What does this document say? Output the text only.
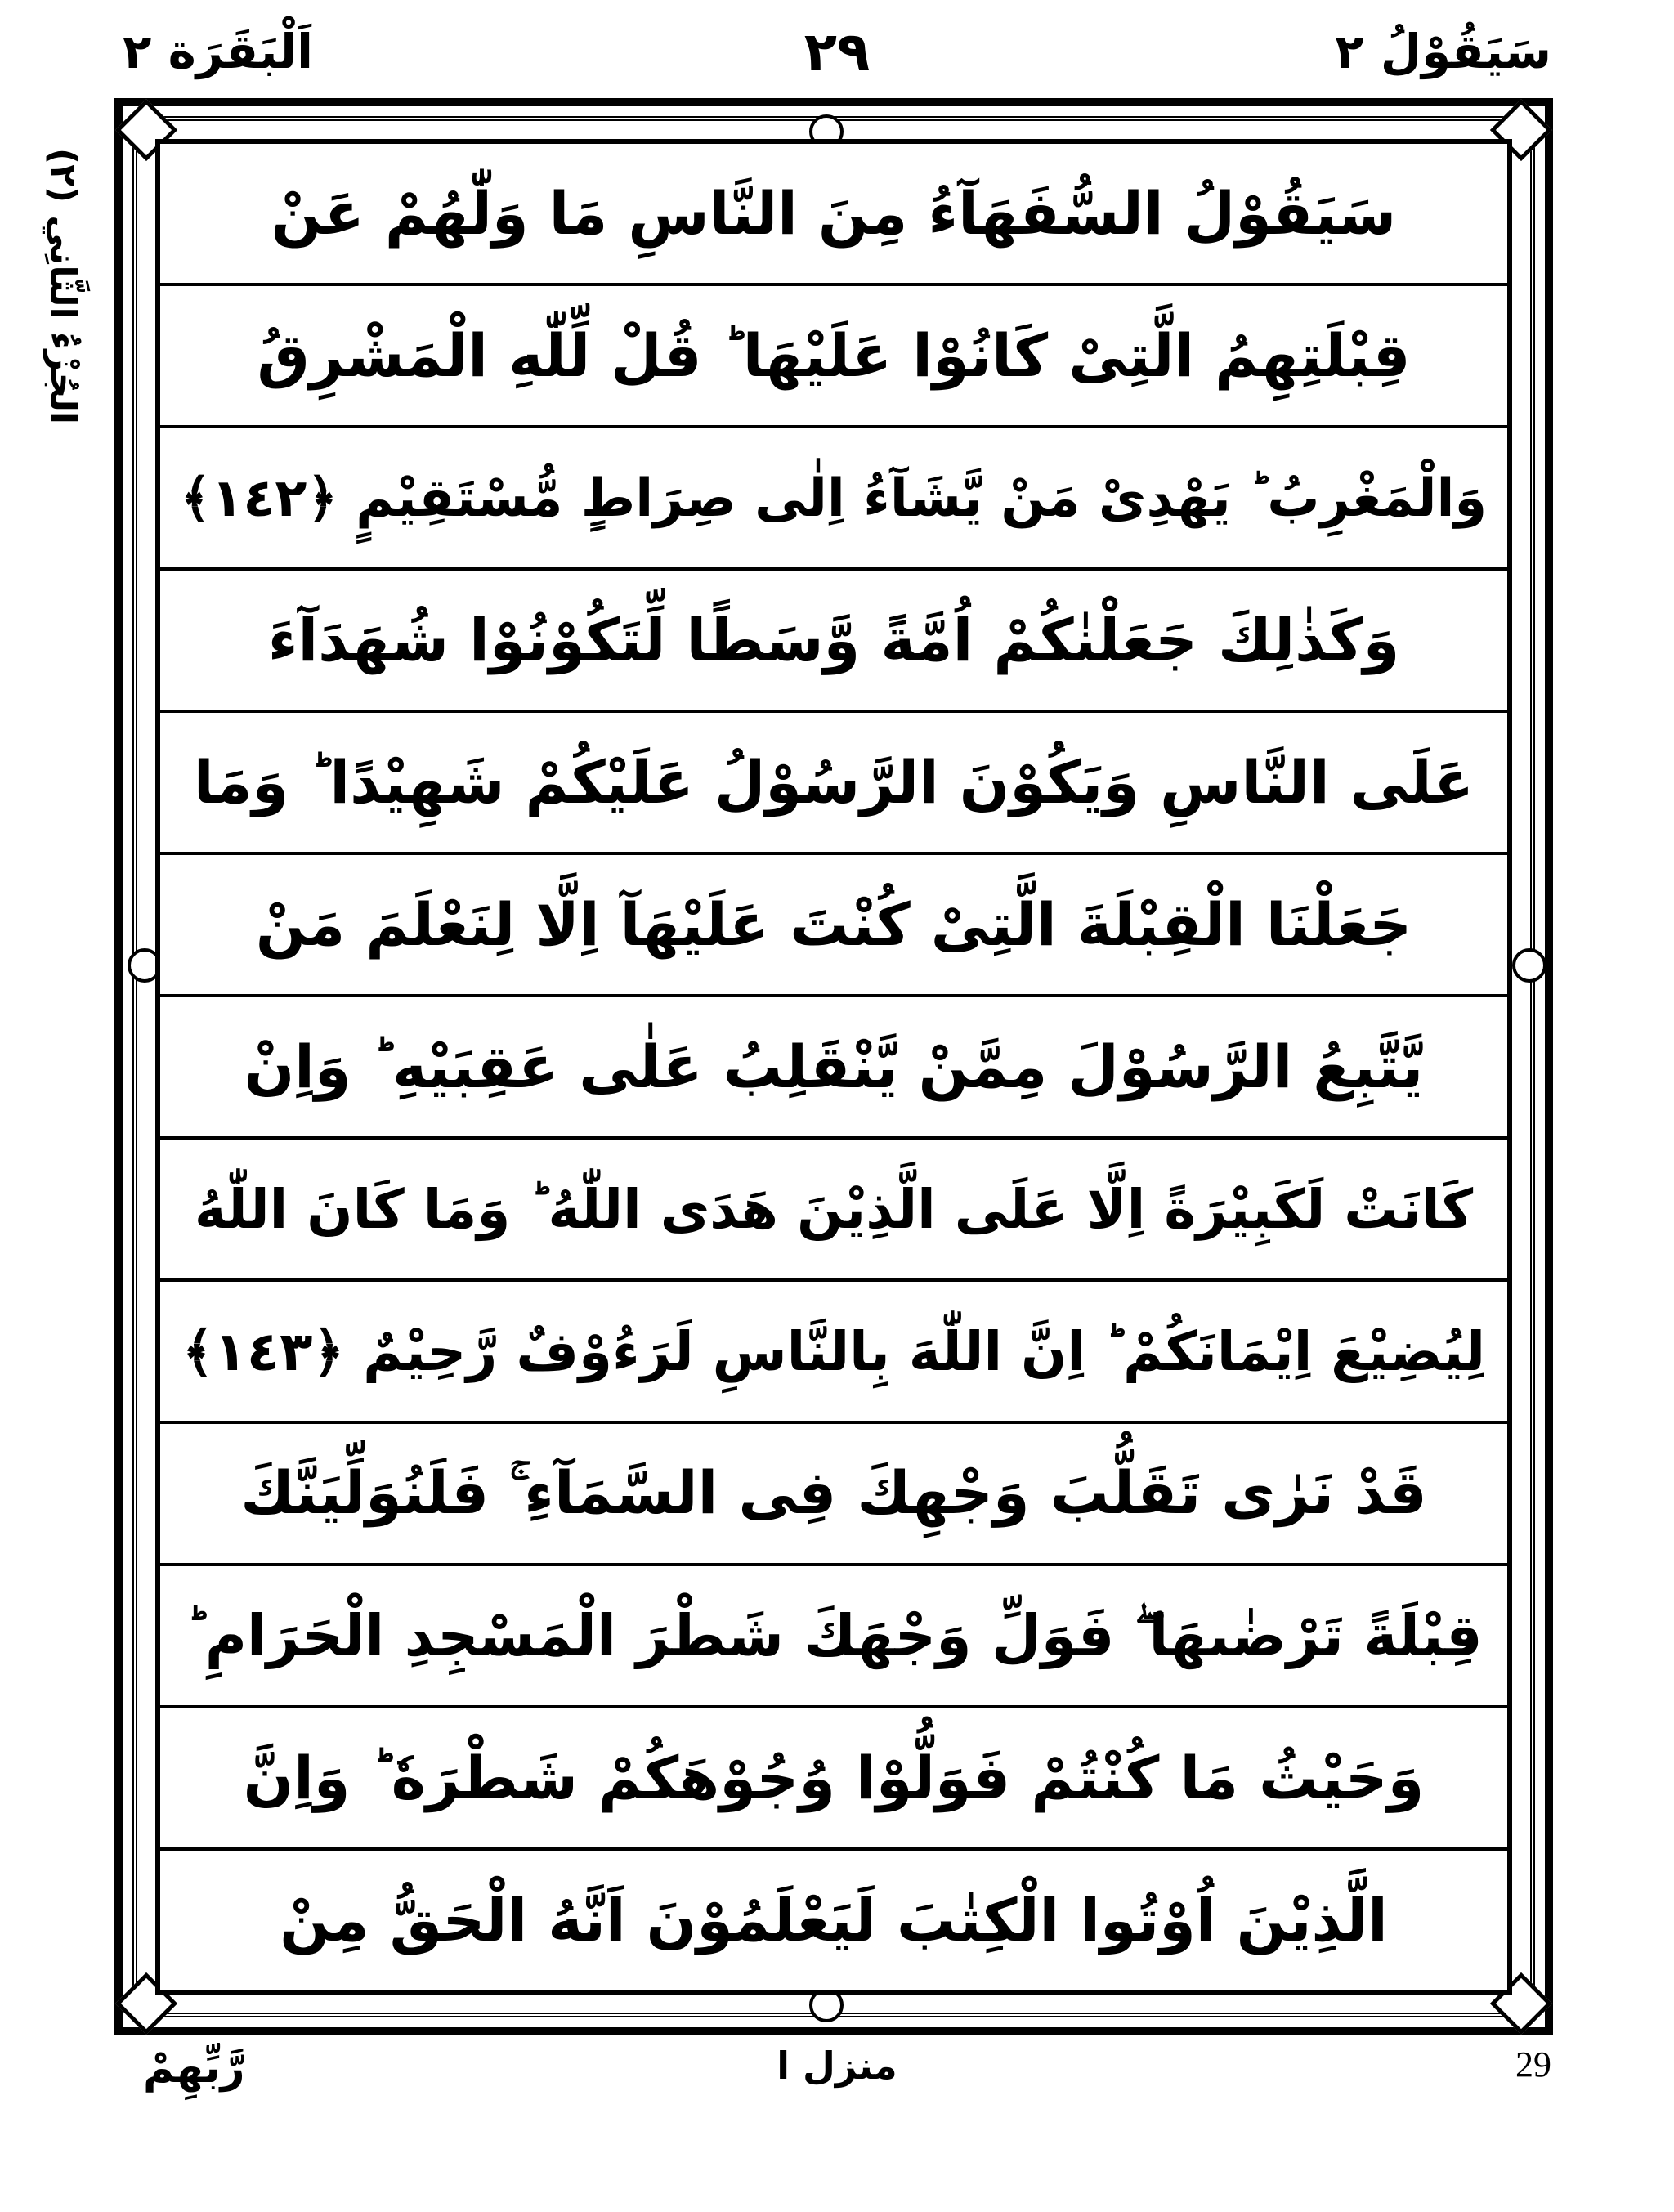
سَيَقُوْلُ ٢
٢٩
اَلْبَقَرَة ٢
الجُزْءُ الثَّانِي (٢)	سَيَقُوْلُ السُّفَهَآءُ مِنَ النَّاسِ مَا وَلّٰهُمْ عَنْ
قِبْلَتِهِمُ الَّتِىْ كَانُوْا عَلَيْهَا ؕ قُلْ لِّلّٰهِ الْمَشْرِقُ
وَالْمَغْرِبُ ؕ يَهْدِىْ مَنْ يَّشَآءُ اِلٰى صِرَاطٍ مُّسْتَقِيْمٍ ﴿١٤٢﴾
وَكَذٰلِكَ جَعَلْنٰكُمْ اُمَّةً وَّسَطًا لِّتَكُوْنُوْا شُهَدَآءَ
عَلَى النَّاسِ وَيَكُوْنَ الرَّسُوْلُ عَلَيْكُمْ شَهِيْدًا ؕ وَمَا
جَعَلْنَا الْقِبْلَةَ الَّتِىْ كُنْتَ عَلَيْهَآ اِلَّا لِنَعْلَمَ مَنْ
يَّتَّبِعُ الرَّسُوْلَ مِمَّنْ يَّنْقَلِبُ عَلٰى عَقِبَيْهِ ؕ وَاِنْ
كَانَتْ لَكَبِيْرَةً اِلَّا عَلَى الَّذِيْنَ هَدَى اللّٰهُ ؕ وَمَا كَانَ اللّٰهُ
لِيُضِيْعَ اِيْمَانَكُمْ ؕ اِنَّ اللّٰهَ بِالنَّاسِ لَرَءُوْفٌ رَّحِيْمٌ ﴿١٤٣﴾
قَدْ نَرٰى تَقَلُّبَ وَجْهِكَ فِى السَّمَآءِ ۚ فَلَنُوَلِّيَنَّكَ
قِبْلَةً تَرْضٰىهَا ۖ فَوَلِّ وَجْهَكَ شَطْرَ الْمَسْجِدِ الْحَرَامِ ؕ
وَحَيْثُ مَا كُنْتُمْ فَوَلُّوْا وُجُوْهَكُمْ شَطْرَهٗ ؕ وَاِنَّ
الَّذِيْنَ اُوْتُوا الْكِتٰبَ لَيَعْلَمُوْنَ اَنَّهُ الْحَقُّ مِنْ
رَّبِّهِمْ	منزل ا	29
